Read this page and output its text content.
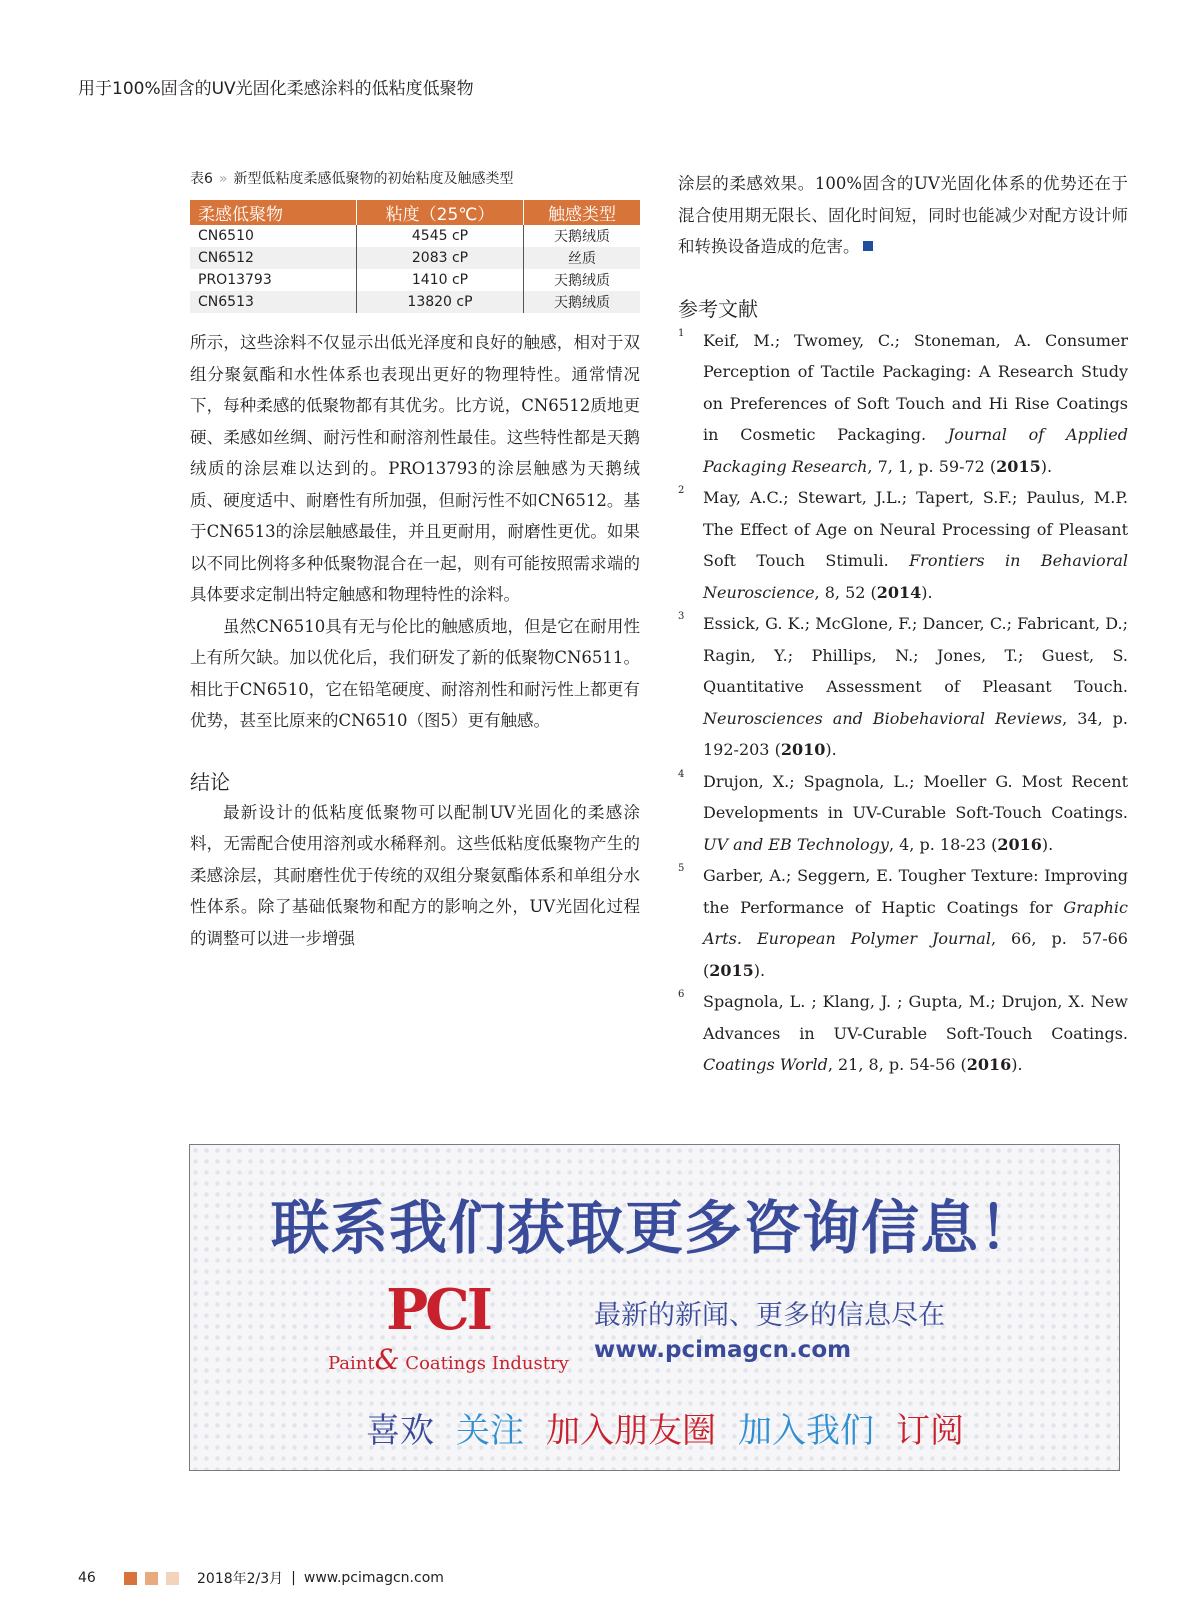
用于100%固含的UV光固化柔感涂料的低粘度低聚物
表6 » 新型低粘度柔感低聚物的初始粘度及触感类型
柔感低聚物	粘度（25℃）	触感类型
CN6510	4545 cP	天鹅绒质
CN6512	2083 cP	丝质
PRO13793	1410 cP	天鹅绒质
CN6513	13820 cP	天鹅绒质
所示，这些涂料不仅显示出低光泽度和良好的触感，相对于双组分聚氨酯和水性体系也表现出更好的物理特性。通常情况下，每种柔感的低聚物都有其优劣。比方说，CN6512质地更硬、柔感如丝绸、耐污性和耐溶剂性最佳。这些特性都是天鹅绒质的涂层难以达到的。PRO13793的涂层触感为天鹅绒质、硬度适中、耐磨性有所加强，但耐污性不如CN6512。基于CN6513的涂层触感最佳，并且更耐用，耐磨性更优。如果以不同比例将多种低聚物混合在一起，则有可能按照需求端的具体要求定制出特定触感和物理特性的涂料。
虽然CN6510具有无与伦比的触感质地，但是它在耐用性上有所欠缺。加以优化后，我们研发了新的低聚物CN6511。相比于CN6510，它在铅笔硬度、耐溶剂性和耐污性上都更有优势，甚至比原来的CN6510（图5）更有触感。
结论
最新设计的低粘度低聚物可以配制UV光固化的柔感涂料，无需配合使用溶剂或水稀释剂。这些低粘度低聚物产生的柔感涂层，其耐磨性优于传统的双组分聚氨酯体系和单组分水性体系。除了基础低聚物和配方的影响之外，UV光固化过程的调整可以进一步增强
涂层的柔感效果。100%固含的UV光固化体系的优势还在于混合使用期无限长、固化时间短，同时也能减少对配方设计师和转换设备造成的危害。
参考文献
1 Keif, M.; Twomey, C.; Stoneman, A. Consumer Perception of Tactile Packaging: A Research Study on Preferences of Soft Touch and Hi Rise Coatings in Cosmetic Packaging. Journal of Applied Packaging Research, 7, 1, p. 59-72 (2015).
2 May, A.C.; Stewart, J.L.; Tapert, S.F.; Paulus, M.P. The Effect of Age on Neural Processing of Pleasant Soft Touch Stimuli. Frontiers in Behavioral Neuroscience, 8, 52 (2014).
3 Essick, G. K.; McGlone, F.; Dancer, C.; Fabricant, D.; Ragin, Y.; Phillips, N.; Jones, T.; Guest, S. Quantitative Assessment of Pleasant Touch. Neurosciences and Biobehavioral Reviews, 34, p. 192-203 (2010).
4 Drujon, X.; Spagnola, L.; Moeller G. Most Recent Developments in UV-Curable Soft-Touch Coatings. UV and EB Technology, 4, p. 18-23 (2016).
5 Garber, A.; Seggern, E. Tougher Texture: Improving the Performance of Haptic Coatings for Graphic Arts. European Polymer Journal, 66, p. 57-66 (2015).
6 Spagnola, L. ; Klang, J. ; Gupta, M.; Drujon, X. New Advances in UV-Curable Soft-Touch Coatings. Coatings World, 21, 8, p. 54-56 (2016).
联系我们获取更多咨询信息！
PCI
Paint& Coatings Industry
最新的新闻、更多的信息尽在
www.pcimagcn.com
喜欢 关注 加入朋友圈 加入我们 订阅
46	2018年2/3月 | www.pcimagcn.com
